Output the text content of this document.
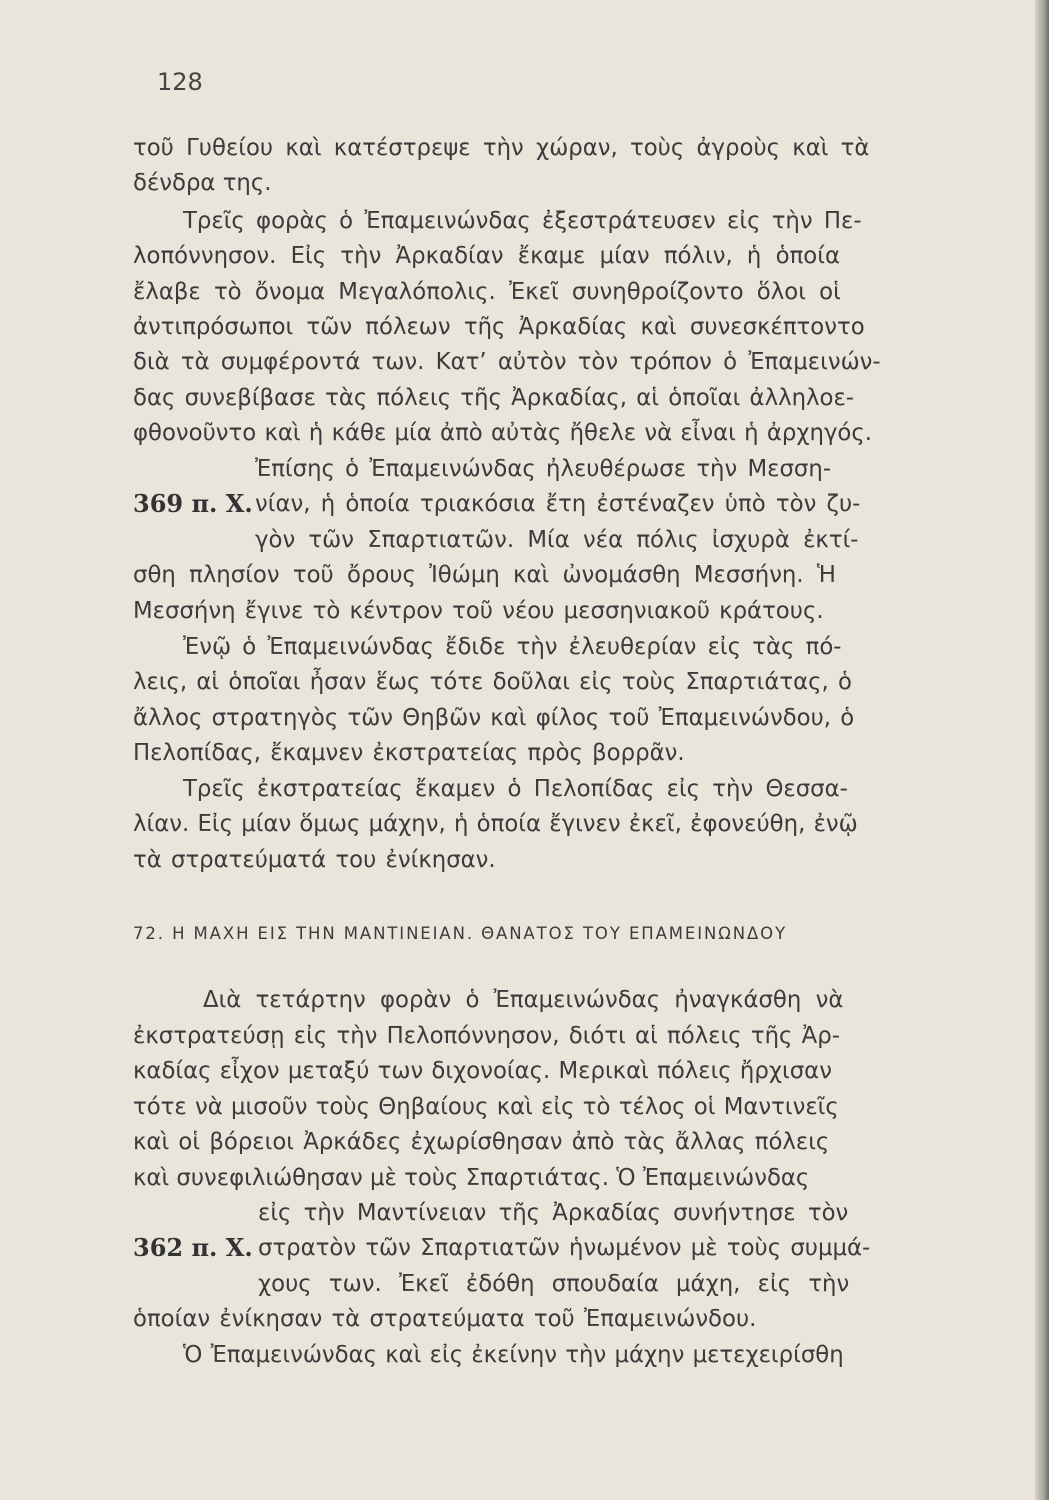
128
τοῦ Γυθείου καὶ κατέστρεψε τὴν χώραν, τοὺς ἀγροὺς καὶ τὰ
δένδρα της.
Τρεῖς φορὰς ὁ Ἐπαμεινώνδας ἐξεστράτευσεν εἰς τὴν Πε-
λοπόννησον. Εἰς τὴν Ἀρκαδίαν ἔκαμε μίαν πόλιν, ἡ ὁποία
ἔλαβε τὸ ὄνομα Μεγαλόπολις. Ἐκεῖ συνηθροίζοντο ὅλοι οἱ
ἀντιπρόσωποι τῶν πόλεων τῆς Ἀρκαδίας καὶ συνεσκέπτοντο
διὰ τὰ συμφέροντά των. Κατ’ αὐτὸν τὸν τρόπον ὁ Ἐπαμεινών-
δας συνεβίβασε τὰς πόλεις τῆς Ἀρκαδίας, αἱ ὁποῖαι ἀλληλοε-
φθονοῦντο καὶ ἡ κάθε μία ἀπὸ αὐτὰς ἤθελε νὰ εἶναι ἡ ἀρχηγός.
Ἐπίσης ὁ Ἐπαμεινώνδας ἠλευθέρωσε τὴν Μεσση-
369 π. Χ. νίαν, ἡ ὁποία τριακόσια ἔτη ἐστέναζεν ὑπὸ τὸν ζυ-
γὸν τῶν Σπαρτιατῶν. Μία νέα πόλις ἰσχυρὰ ἐκτί-
σθη πλησίον τοῦ ὄρους Ἰθώμη καὶ ὠνομάσθη Μεσσήνη. Ἡ
Μεσσήνη ἔγινε τὸ κέντρον τοῦ νέου μεσσηνιακοῦ κράτους.
Ἐνῷ ὁ Ἐπαμεινώνδας ἔδιδε τὴν ἐλευθερίαν εἰς τὰς πό-
λεις, αἱ ὁποῖαι ἦσαν ἕως τότε δοῦλαι εἰς τοὺς Σπαρτιάτας, ὁ
ἄλλος στρατηγὸς τῶν Θηβῶν καὶ φίλος τοῦ Ἐπαμεινώνδου, ὁ
Πελοπίδας, ἔκαμνεν ἐκστρατείας πρὸς βορρᾶν.
Τρεῖς ἐκστρατείας ἔκαμεν ὁ Πελοπίδας εἰς τὴν Θεσσα-
λίαν. Εἰς μίαν ὅμως μάχην, ἡ ὁποία ἔγινεν ἐκεῖ, ἐφονεύθη, ἐνῷ
τὰ στρατεύματά του ἐνίκησαν.
72. Η ΜΑΧΗ ΕΙΣ ΤΗΝ ΜΑΝΤΙΝΕΙΑΝ. ΘΑΝΑΤΟΣ ΤΟΥ ΕΠΑΜΕΙΝΩΝΔΟΥ
Διὰ τετάρτην φορὰν ὁ Ἐπαμεινώνδας ἠναγκάσθη νὰ
ἐκστρατεύσῃ εἰς τὴν Πελοπόννησον, διότι αἱ πόλεις τῆς Ἀρ-
καδίας εἶχον μεταξύ των διχονοίας. Μερικαὶ πόλεις ἤρχισαν
τότε νὰ μισοῦν τοὺς Θηβαίους καὶ εἰς τὸ τέλος οἱ Μαντινεῖς
καὶ οἱ βόρειοι Ἀρκάδες ἐχωρίσθησαν ἀπὸ τὰς ἄλλας πόλεις
καὶ συνεφιλιώθησαν μὲ τοὺς Σπαρτιάτας. Ὁ Ἐπαμεινώνδας
εἰς τὴν Μαντίνειαν τῆς Ἀρκαδίας συνήντησε τὸν
362 π. Χ. στρατὸν τῶν Σπαρτιατῶν ἡνωμένον μὲ τοὺς συμμά-
χους των. Ἐκεῖ ἐδόθη σπουδαία μάχη, εἰς τὴν
ὁποίαν ἐνίκησαν τὰ στρατεύματα τοῦ Ἐπαμεινώνδου.
Ὁ Ἐπαμεινώνδας καὶ εἰς ἐκείνην τὴν μάχην μετεχειρίσθη
